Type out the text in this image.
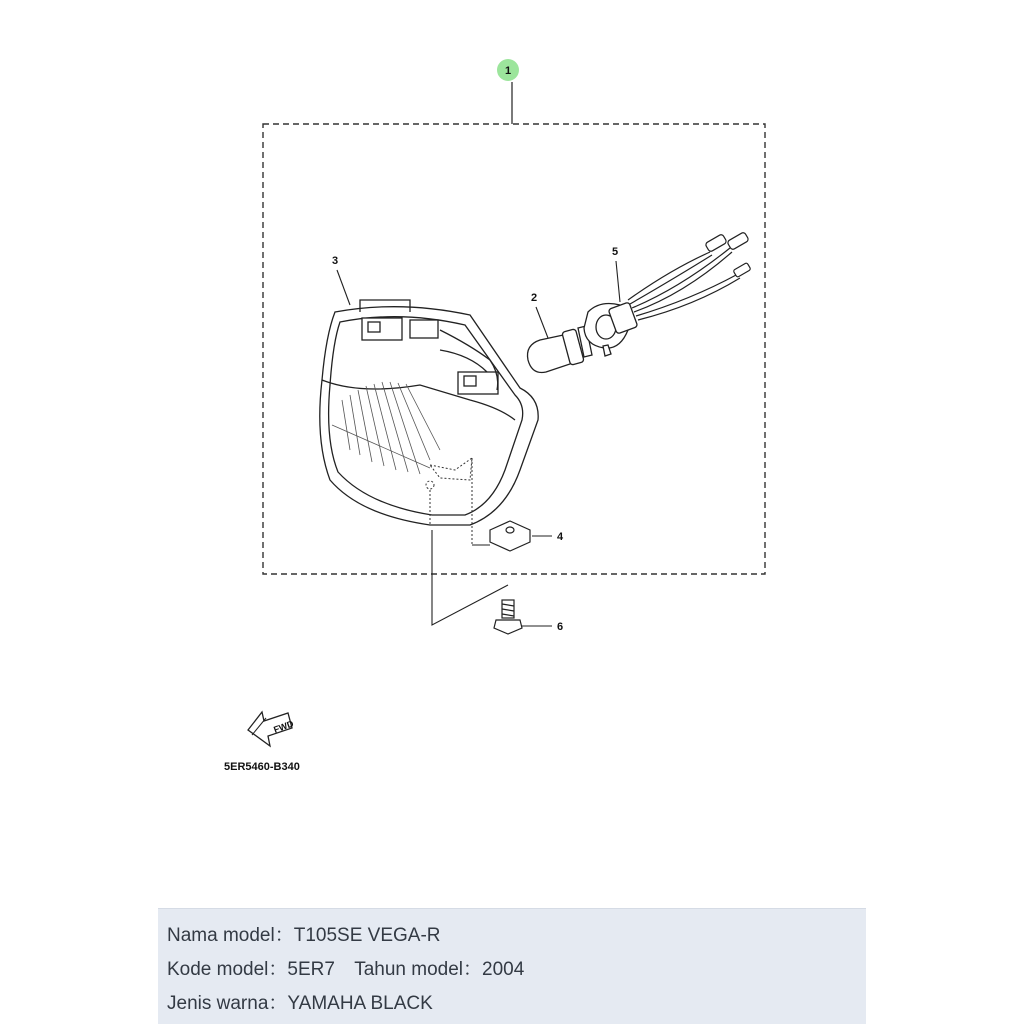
1
3
2
5
4
6
FWD
5ER5460-B340
Nama model：T105SE VEGA-R
Kode model：5ER7 Tahun model：2004
Jenis warna：YAMAHA BLACK
